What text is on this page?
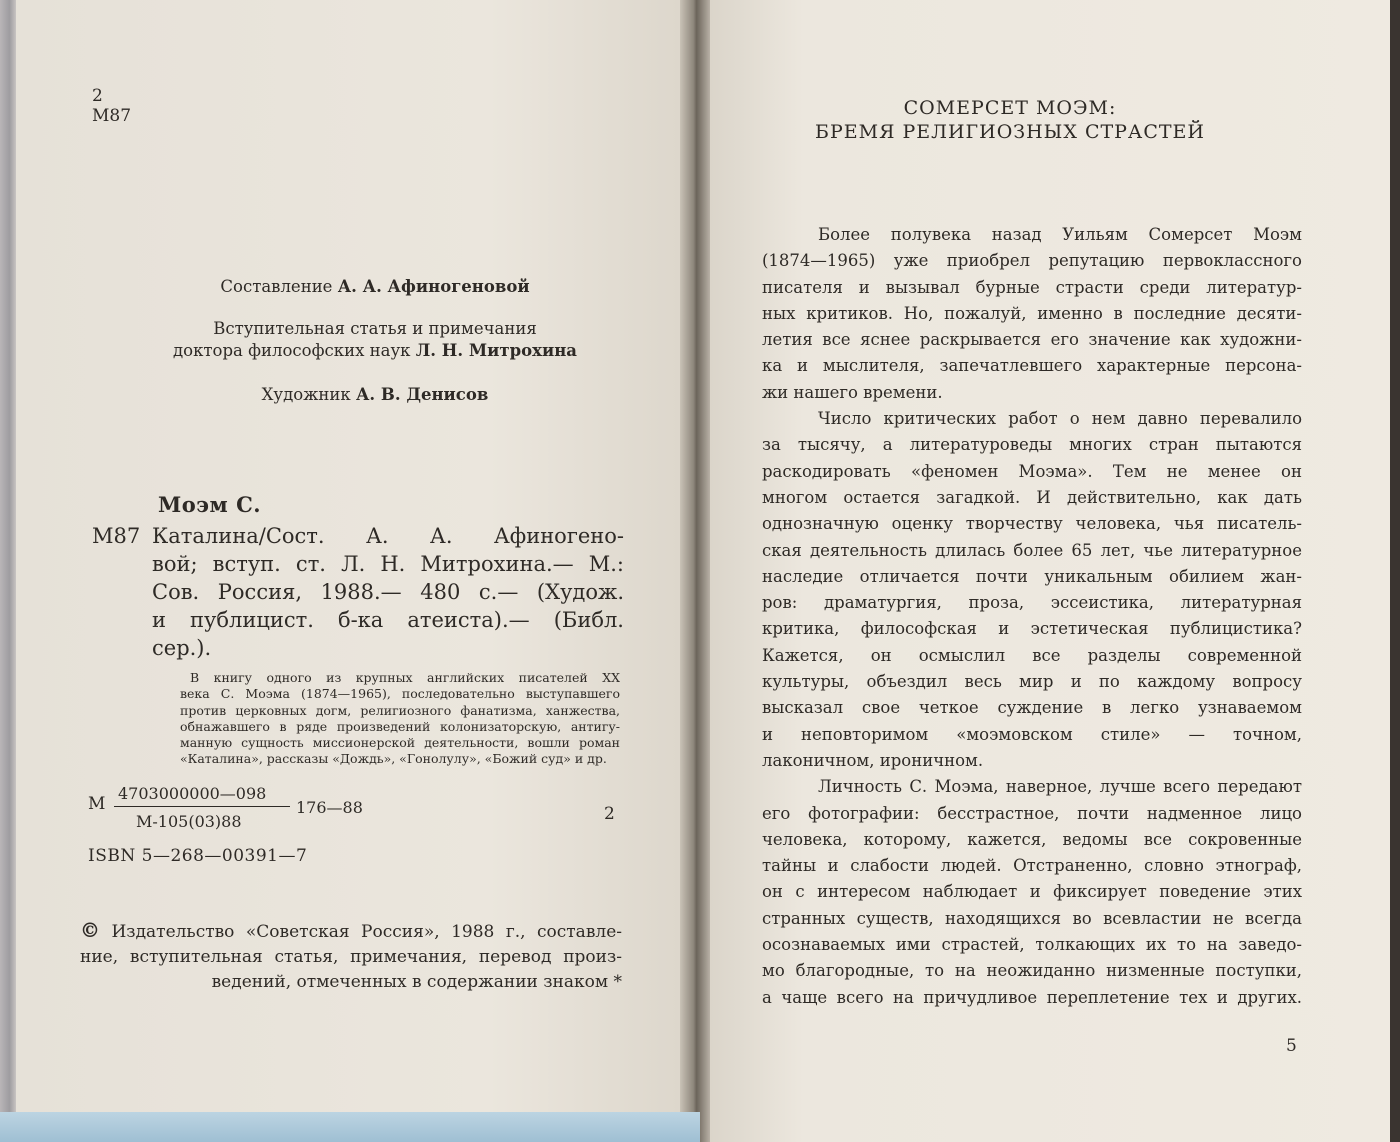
2
М87
Составление А. А. Афиногеновой
Вступительная статья и примечания
доктора философских наук Л. Н. Митрохина
Художник А. В. Денисов
Моэм С.
М87 Каталина/Сост. А. А. Афиногено-
вой; вступ. ст. Л. Н. Митрохина.— М.:
Сов. Россия, 1988.— 480 с.— (Худож.
и публицист. б-ка атеиста).— (Библ.
сер.).
В книгу одного из крупных английских писателей XX
века С. Моэма (1874—1965), последовательно выступавшего
против церковных догм, религиозного фанатизма, ханжества,
обнажавшего в ряде произведений колонизаторскую, антигу-
манную сущность миссионерской деятельности, вошли роман
«Каталина», рассказы «Дождь», «Гонолулу», «Божий суд» и др.
М
4703000000—098
М-105(03)88
176—88	2
ISBN 5—268—00391—7
© Издательство «Советская Россия», 1988 г., составле-
ние, вступительная статья, примечания, перевод произ-
ведений, отмеченных в содержании знаком *
СОМЕРСЕТ МОЭМ:
БРЕМЯ РЕЛИГИОЗНЫХ СТРАСТЕЙ
Более полувека назад Уильям Сомерсет Моэм
(1874—1965) уже приобрел репутацию первоклассного
писателя и вызывал бурные страсти среди литератур-
ных критиков. Но, пожалуй, именно в последние десяти-
летия все яснее раскрывается его значение как художни-
ка и мыслителя, запечатлевшего характерные персона-
жи нашего времени.
Число критических работ о нем давно перевалило
за тысячу, а литературоведы многих стран пытаются
раскодировать «феномен Моэма». Тем не менее он
многом остается загадкой. И действительно, как дать
однозначную оценку творчеству человека, чья писатель-
ская деятельность длилась более 65 лет, чье литературное
наследие отличается почти уникальным обилием жан-
ров: драматургия, проза, эссеистика, литературная
критика, философская и эстетическая публицистика?
Кажется, он осмыслил все разделы современной
культуры, объездил весь мир и по каждому вопросу
высказал свое четкое суждение в легко узнаваемом
и неповторимом «моэмовском стиле» — точном,
лаконичном, ироничном.
Личность С. Моэма, наверное, лучше всего передают
его фотографии: бесстрастное, почти надменное лицо
человека, которому, кажется, ведомы все сокровенные
тайны и слабости людей. Отстраненно, словно этнограф,
он с интересом наблюдает и фиксирует поведение этих
странных существ, находящихся во всевластии не всегда
осознаваемых ими страстей, толкающих их то на заведо-
мо благородные, то на неожиданно низменные поступки,
а чаще всего на причудливое переплетение тех и других.
5
